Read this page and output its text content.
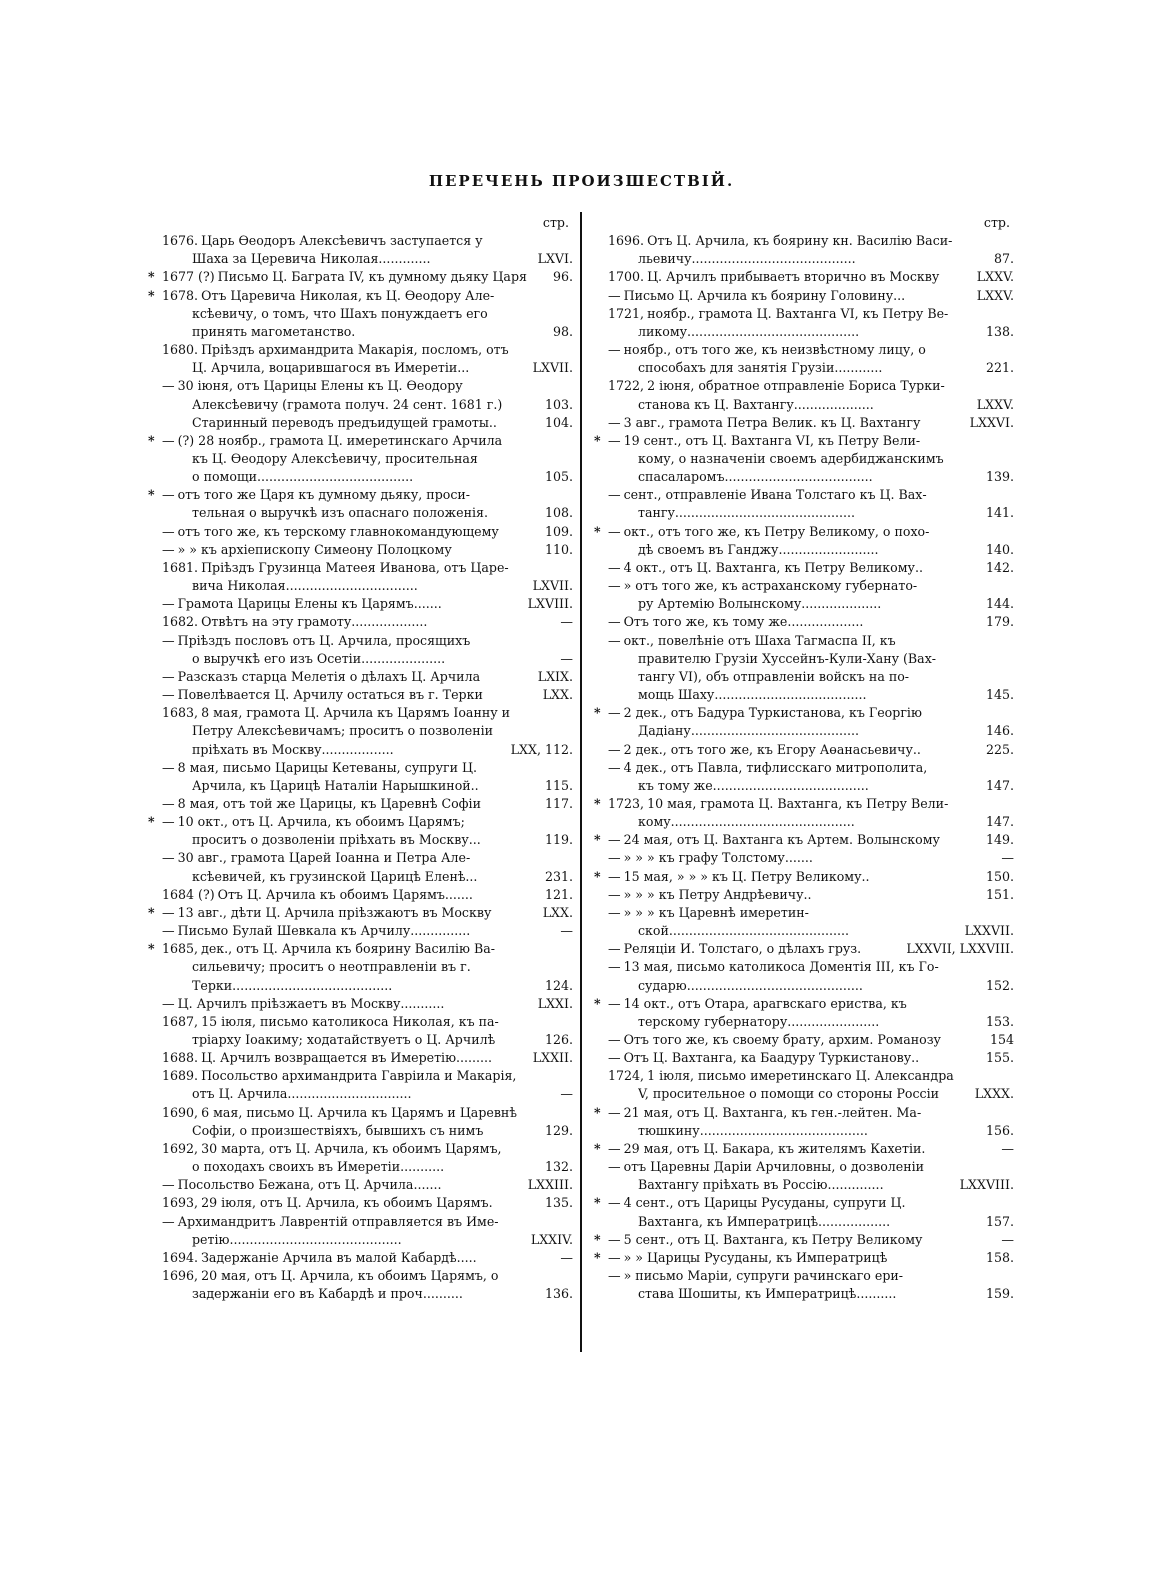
ПЕРЕЧЕНЬ ПРОИЗШЕСТВІЙ.
стр.
1676. Царь Өеодоръ Алексѣевичъ заступается у
Шаха за Церевича Николая.............	LXVI.
* 1677 (?) Письмо Ц. Баграта IV, къ думному дьяку Царя	96.
* 1678. Отъ Царевича Николая, къ Ц. Өеодору Але-
ксѣевичу, о томъ, что Шахъ понуждаетъ его
принять магометанство.	98.
1680. Пріѣздъ архимандрита Макарія, посломъ, отъ
Ц. Арчила, воцарившагося въ Имеретіи...	LXVII.
— 30 іюня, отъ Царицы Елены къ Ц. Өеодору
Алексѣевичу (грамота получ. 24 сент. 1681 г.)	103.
Старинный переводъ предъидущей грамоты..	104.
* — (?) 28 ноябр., грамота Ц. имеретинскаго Арчила
къ Ц. Өеодору Алексѣевичу, просительная
о помощи.......................................	105.
* — отъ того же Царя къ думному дьяку, проси-
тельная о выручкѣ изъ опаснаго положенія.	108.
— отъ того же, къ терскому главнокомандующему	109.
— » » къ архіепископу Симеону Полоцкому	110.
1681. Пріѣздъ Грузинца Матеея Иванова, отъ Царе-
вича Николая.................................	LXVII.
— Грамота Царицы Елены къ Царямъ.......	LXVIII.
1682. Отвѣтъ на эту грамоту...................	—
— Пріѣздъ пословъ отъ Ц. Арчила, просящихъ
о выручкѣ его изъ Осетіи.....................	—
— Разсказъ старца Мелетія о дѣлахъ Ц. Арчила	LXIX.
— Повелѣвается Ц. Арчилу остаться въ г. Терки	LXX.
1683, 8 мая, грамота Ц. Арчила къ Царямъ Іоанну и
Петру Алексѣевичамъ; проситъ о позволеніи
пріѣхать въ Москву..................	LXX, 112.
— 8 мая, письмо Царицы Кетеваны, супруги Ц.
Арчила, къ Царицѣ Наталіи Нарышкиной..	115.
— 8 мая, отъ той же Царицы, къ Царевнѣ Софіи	117.
* — 10 окт., отъ Ц. Арчила, къ обоимъ Царямъ;
проситъ о дозволеніи пріѣхать въ Москву...	119.
— 30 авг., грамота Царей Іоанна и Петра Але-
ксѣевичей, къ грузинской Царицѣ Еленѣ...	231.
1684 (?) Отъ Ц. Арчила къ обоимъ Царямъ.......	121.
* — 13 авг., дѣти Ц. Арчила пріѣзжаютъ въ Москву	LXX.
— Письмо Булай Шевкала къ Арчилу...............	—
* 1685, дек., отъ Ц. Арчила къ боярину Василію Ва-
сильевичу; проситъ о неотправленіи въ г.
Терки........................................	124.
— Ц. Арчилъ пріѣзжаетъ въ Москву...........	LXXI.
1687, 15 іюля, письмо католикоса Николая, къ па-
тріарху Іоакиму; ходатайствуетъ о Ц. Арчилѣ	126.
1688. Ц. Арчилъ возвращается въ Имеретію.........	LXXII.
1689. Посольство архимандрита Гавріила и Макарія,
отъ Ц. Арчила...............................	—
1690, 6 мая, письмо Ц. Арчила къ Царямъ и Царевнѣ
Софіи, о произшествіяхъ, бывшихъ съ нимъ	129.
1692, 30 марта, отъ Ц. Арчила, къ обоимъ Царямъ,
о походахъ своихъ въ Имеретіи...........	132.
— Посольство Бежана, отъ Ц. Арчила.......	LXXIII.
1693, 29 іюля, отъ Ц. Арчила, къ обоимъ Царямъ.	135.
— Архимандритъ Лаврентій отправляется въ Име-
ретію...........................................	LXXIV.
1694. Задержаніе Арчила въ малой Кабардѣ.....	—
1696, 20 мая, отъ Ц. Арчила, къ обоимъ Царямъ, о
задержаніи его въ Кабардѣ и проч..........	136.
стр.
1696. Отъ Ц. Арчила, къ боярину кн. Василію Васи-
льевичу.........................................	87.
1700. Ц. Арчилъ прибываетъ вторично въ Москву	LXXV.
— Письмо Ц. Арчила къ боярину Головину...	LXXV.
1721, ноябр., грамота Ц. Вахтанга VI, къ Петру Ве-
ликому...........................................	138.
— ноябр., отъ того же, къ неизвѣстному лицу, о
способахъ для занятія Грузіи............	221.
1722, 2 іюня, обратное отправленіе Бориса Турки-
станова къ Ц. Вахтангу....................	LXXV.
— 3 авг., грамота Петра Велик. къ Ц. Вахтангу	LXXVI.
* — 19 сент., отъ Ц. Вахтанга VI, къ Петру Вели-
кому, о назначеніи своемъ адербиджанскимъ
спасаларомъ.....................................	139.
— сент., отправленіе Ивана Толстаго къ Ц. Вах-
тангу.............................................	141.
* — окт., отъ того же, къ Петру Великому, о похо-
дѣ своемъ въ Ганджу.........................	140.
— 4 окт., отъ Ц. Вахтанга, къ Петру Великому..	142.
— » отъ того же, къ астраханскому губернато-
ру Артемію Волынскому....................	144.
— Отъ того же, къ тому же...................	179.
— окт., повелѣніе отъ Шаха Тагмаспа II, къ
правителю Грузіи Хуссейнъ-Кули-Хану (Вах-
тангу VI), объ отправленіи войскъ на по-
мощь Шаху......................................	145.
* — 2 дек., отъ Бадура Туркистанова, къ Георгію
Дадіану..........................................	146.
— 2 дек., отъ того же, къ Егору Аөанасьевичу..	225.
— 4 дек., отъ Павла, тифлисскаго митрополита,
къ тому же.......................................	147.
* 1723, 10 мая, грамота Ц. Вахтанга, къ Петру Вели-
кому..............................................	147.
* — 24 мая, отъ Ц. Вахтанга къ Артем. Волынскому	149.
— » » » къ графу Толстому.......	—
* — 15 мая, » » » къ Ц. Петру Великому..	150.
— » » » къ Петру Андрѣевичу..	151.
— » » » къ Царевнѣ имеретин-
ской.............................................	LXXVII.
— Реляціи И. Толстаго, о дѣлахъ груз.	LXXVII, LXXVIII.
— 13 мая, письмо католикоса Доментія III, къ Го-
сударю............................................	152.
* — 14 окт., отъ Отара, арагвскаго ериства, къ
терскому губернатору.......................	153.
— Отъ того же, къ своему брату, архим. Романозу	154
— Отъ Ц. Вахтанга, ка Баадуру Туркистанову..	155.
1724, 1 іюля, письмо имеретинскаго Ц. Александра
V, просительное о помощи со стороны Россіи	LXXX.
* — 21 мая, отъ Ц. Вахтанга, къ ген.-лейтен. Ма-
тюшкину..........................................	156.
* — 29 мая, отъ Ц. Бакара, къ жителямъ Кахетіи.	—
— отъ Царевны Даріи Арчиловны, о дозволеніи
Вахтангу пріѣхать въ Россію..............	LXXVIII.
* — 4 сент., отъ Царицы Русуданы, супруги Ц.
Вахтанга, къ Императрицѣ..................	157.
* — 5 сент., отъ Ц. Вахтанга, къ Петру Великому	—
* — » » Царицы Русуданы, къ Императрицѣ	158.
— » письмо Маріи, супруги рачинскаго ери-
става Шошиты, къ Императрицѣ..........	159.
